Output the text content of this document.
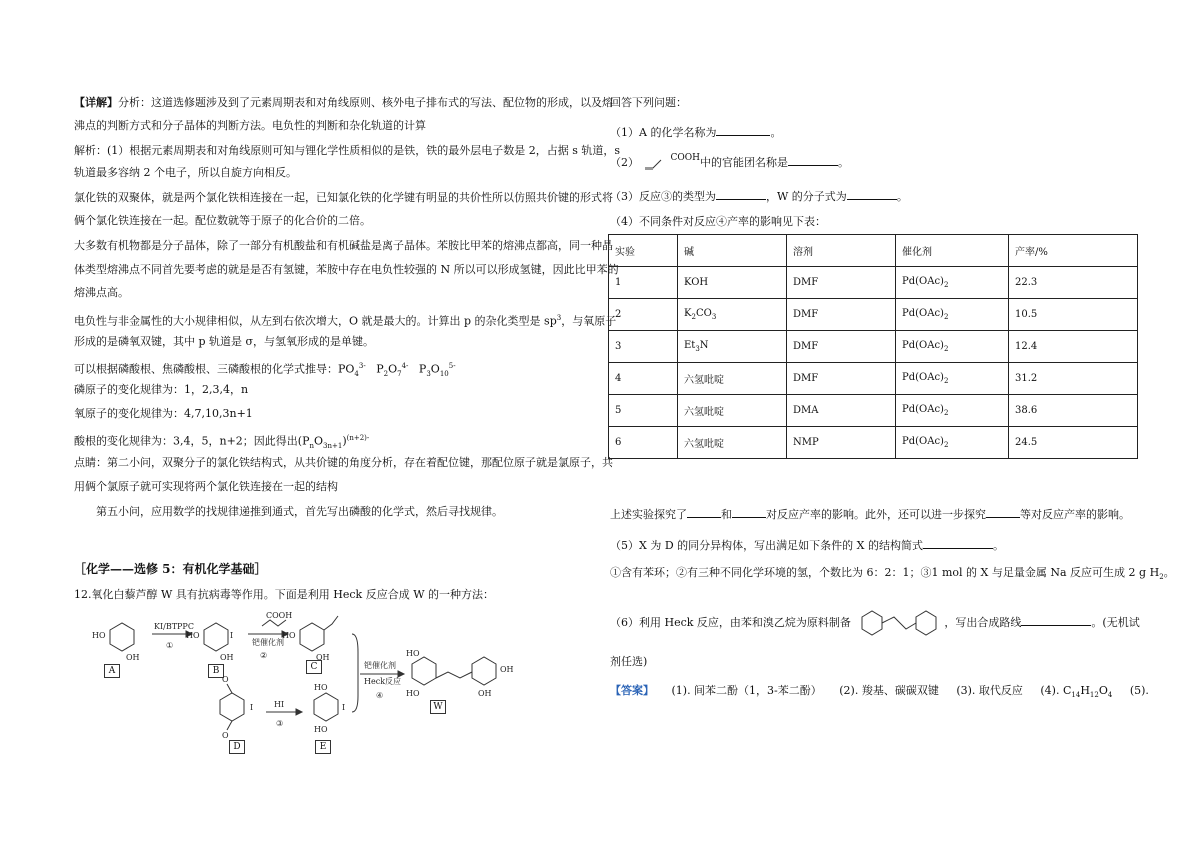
【详解】分析：这道选修题涉及到了元素周期表和对角线原则、核外电子排布式的写法、配位物的形成，以及熔
沸点的判断方式和分子晶体的判断方法。电负性的判断和杂化轨道的计算
解析：(1）根据元素周期表和对角线原则可知与锂化学性质相似的是铁，铁的最外层电子数是 2，占据 s 轨道，s
轨道最多容纳 2 个电子，所以自旋方向相反。
氯化铁的双聚体，就是两个氯化铁相连接在一起，已知氯化铁的化学键有明显的共价性所以仿照共价键的形式将
俩个氯化铁连接在一起。配位数就等于原子的化合价的二倍。
大多数有机物都是分子晶体，除了一部分有机酸盐和有机碱盐是离子晶体。苯胺比甲苯的熔沸点都高，同一种晶
体类型熔沸点不同首先要考虑的就是是否有氢键，苯胺中存在电负性较强的 N 所以可以形成氢键，因此比甲苯的
熔沸点高。
电负性与非金属性的大小规律相似，从左到右依次增大，O 就是最大的。计算出 p 的杂化类型是 $sp^3$，与氧原子
形成的是磷氧双键，其中 p 轨道是 σ，与氢氧形成的是单键。
可以根据磷酸根、焦磷酸根、三磷酸根的化学式推导：$PO_4^{3-}$ $P_2O_7^{4-}$ $P_3O_{10}^{5-}$
磷原子的变化规律为：1，2,3,4，n
氧原子的变化规律为：4,7,10,3n+1
酸根的变化规律为：3,4，5，n+2；因此得出$(P_nO_{3n+1})^{(n+2)-}$
点睛：第二小问，双聚分子的氯化铁结构式，从共价键的角度分析，存在着配位键，那配位原子就是氯原子，共
用俩个氯原子就可实现将两个氯化铁连接在一起的结构
第五小问，应用数学的找规律递推到通式，首先写出磷酸的化学式，然后寻找规律。
［化学——选修 5：有机化学基础］
12.氧化白藜芦醇 W 具有抗病毒等作用。下面是利用 Heck 反应合成 W 的一种方法：
HO
OH
HO
OH
I	HO
OH	HO
HO	OH
OH
O
O
I
HO
HO
I
KI/BTPPC
①
COOH
钯催化剂
②
HI
③
钯催化剂
Heck反应
④
A	B	C
D	E
W
回答下列问题：
（1）A 的化学名称为	。
（2）	$^{COOH}$中的官能团名称是	。
（3）反应③的类型为	，W 的分子式为	。
（4）不同条件对反应④产率的影响见下表：
实验	碱	溶剂	催化剂	产率/%
1	KOH	DMF	$Pd(OAc)_2$	22.3
2	$K_2CO_3$	DMF	$Pd(OAc)_2$	10.5
3	$Et_3N$	DMF	$Pd(OAc)_2$	12.4
4	六氢吡啶	DMF	$Pd(OAc)_2$	31.2
5	六氢吡啶	DMA	$Pd(OAc)_2$	38.6
6	六氢吡啶	NMP	$Pd(OAc)_2$	24.5
上述实验探究了	和	对反应产率的影响。此外，还可以进一步探究	等对反应产率的影响。
（5）X 为 D 的同分异构体，写出满足如下条件的 X 的结构简式	。
①含有苯环；②有三种不同化学环境的氢，个数比为 6：2：1；③1 mol 的 X 与足量金属 Na 反应可生成 2 g $H_2$。
（6）利用 Heck 反应，由苯和溴乙烷为原料制备	，写出合成路线	。(无机试
剂任选)
【答案】 (1). 间苯二酚（1，3-苯二酚） (2). 羧基、碳碳双键 (3). 取代反应 (4). $C_{14}H_{12}O_4$ (5).
